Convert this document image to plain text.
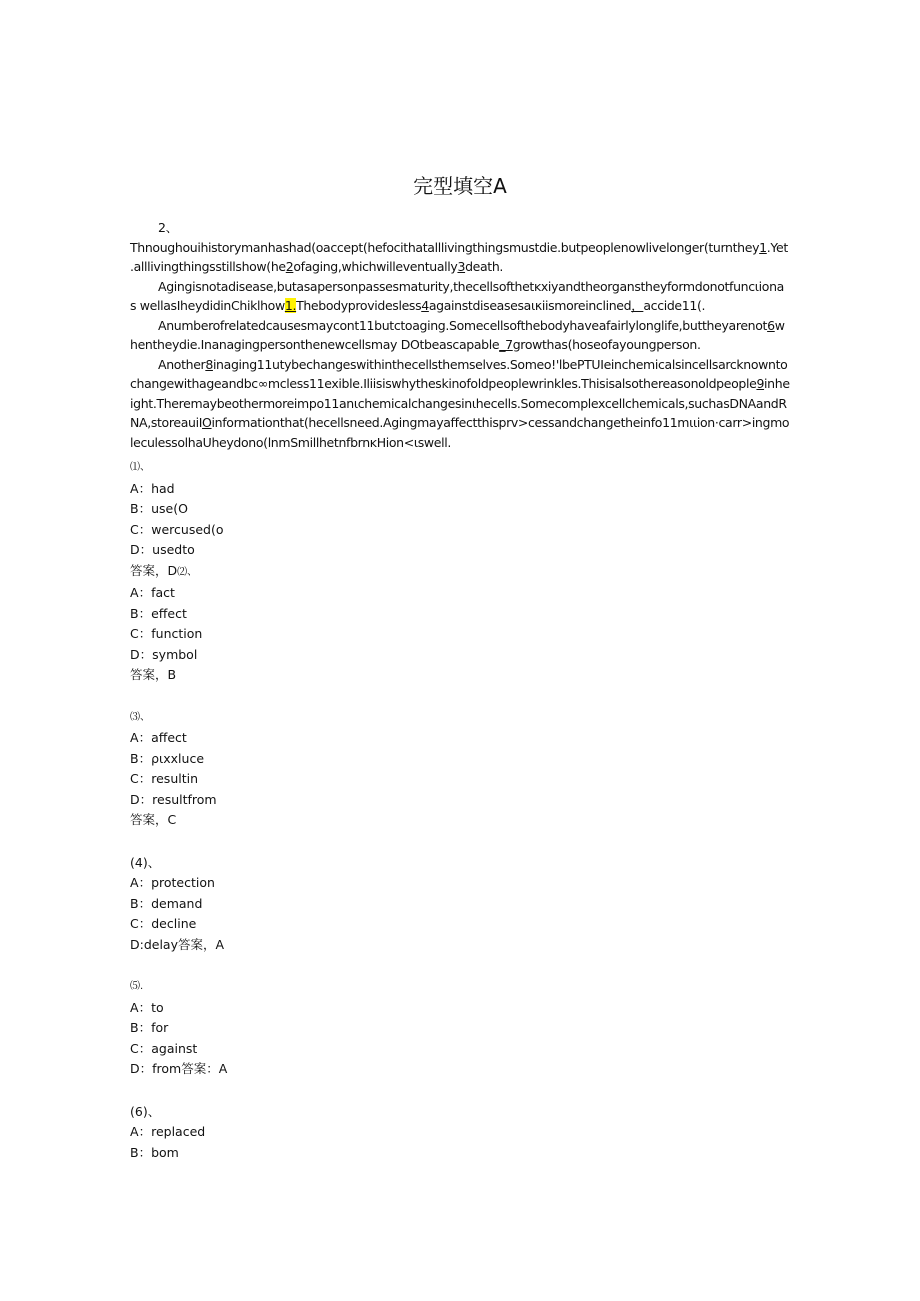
完型填空A

2、

Thnoughouihistorymanhashad(oaccept(hefocithatalllivingthingsmustdie.butpeoplenowlivelonger(turnthey1.Yet .alllivingthingsstillshow(he2ofaging,whichwilleventually3death.

Agingisnotadisease,butasapersonpassesmaturity,thecellsofthetĸxiyandtheorganstheyformdonotfuncιionas wellasIheydidinChiklhow1.Thebodyprovidesless4againstdiseasesaικiismoreinclined，accide11(.

Anumberofrelatedcausesmaycont11butctoaging.Somecellsofthebodyhaveafairlylonglife,buttheyarenot6whentheydie.Inanagingpersonthenewcellsmay DOtbeascapable_7growthas(hoseofayoungperson.

Another8inaging11utybechangeswithinthecellsthemselves.Someo!'lbePTUIeinchemicalsincellsarcknownto changewithageandbc∞mcless11exible.Iliisiswhytheskinofoldpeoplewrinkles.Thisisalsothereasonoldpeople9inheight.Theremaybeothermoreimpo11anιchemicalchangesinιhecells.Somecomplexcellchemicals,suchasDNAandRNA,storeauiIOinformationthat(hecellsneed.Agingmayaffectthisprv>cessandchangetheinfo11mιιion·carr>ingmoleculessolhaUheydono(lnmSmillhetnfbrnĸHion<ιswell.

⑴、
A：had
B：use(O
C：wercused(o
D：usedto
答案，D⑵、
A：fact
B：effect
C：function
D：symbol
答案，B
⑶、
A：affect
B：ριxxluce
C：resultin
D：resultfrom
答案，C
(4)、
A：protection
B：demand
C：decline
D:delay答案，A
⑸.
A：to
B：for
C：against
D：from答案：A
(6)、
A：replaced
B：bom
